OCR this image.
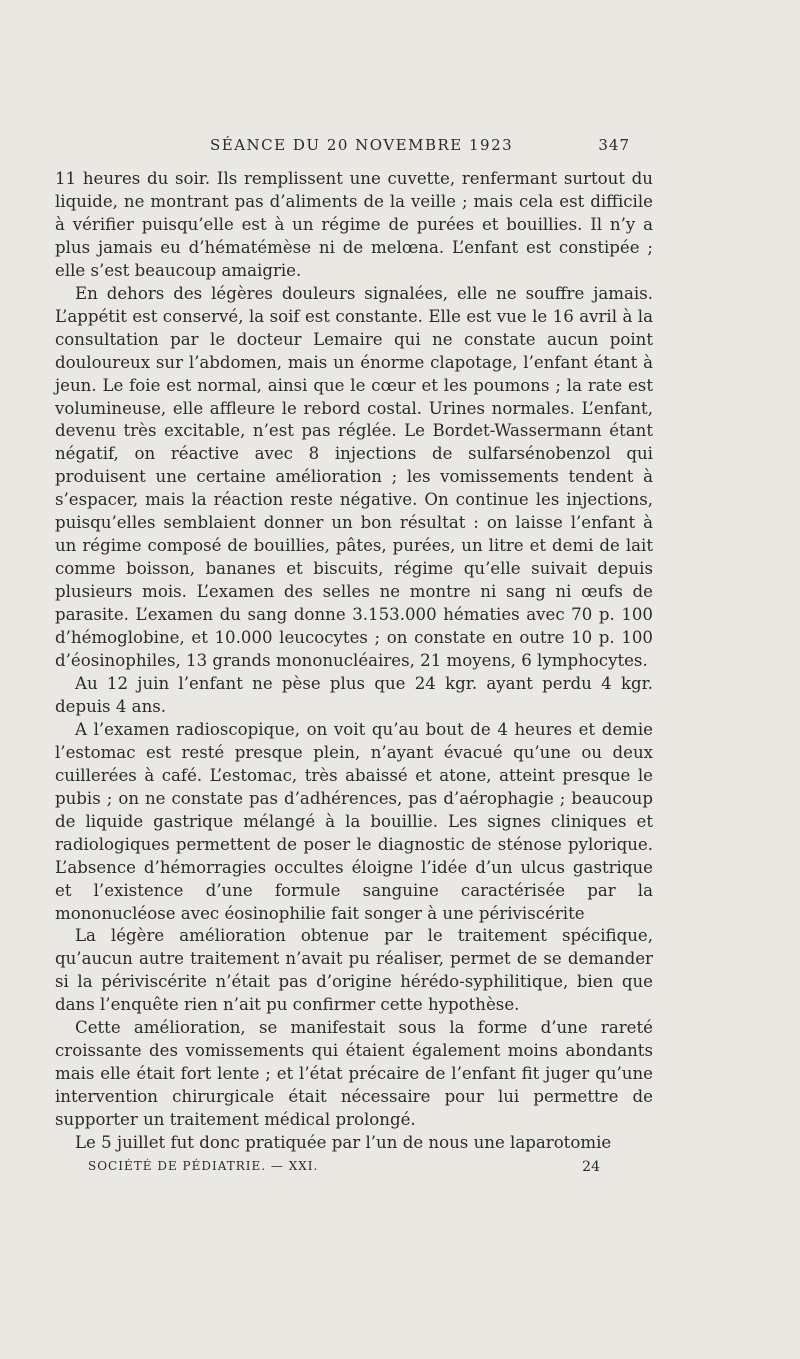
SÉANCE DU 20 NOVEMBRE 1923	347

11 heures du soir. Ils remplissent une cuvette, renfermant surtout du liquide, ne montrant pas d’aliments de la veille ; mais cela est difficile à vérifier puisqu’elle est à un régime de purées et bouillies. Il n’y a plus jamais eu d’hématémèse ni de melœna. L’enfant est constipée ; elle s’est beaucoup amaigrie.

En dehors des légères douleurs signalées, elle ne souffre jamais. L’appétit est conservé, la soif est constante. Elle est vue le 16 avril à la consultation par le docteur Lemaire qui ne constate aucun point douloureux sur l’abdomen, mais un énorme clapotage, l’enfant étant à jeun. Le foie est normal, ainsi que le cœur et les poumons ; la rate est volumineuse, elle affleure le rebord costal. Urines normales. L’enfant, devenu très excitable, n’est pas réglée. Le Bordet-Wassermann étant négatif, on réactive avec 8 injections de sulfarsénobenzol qui produisent une certaine amélioration ; les vomissements tendent à s’espacer, mais la réaction reste négative. On continue les injections, puisqu’elles semblaient donner un bon résultat : on laisse l’enfant à un régime composé de bouillies, pâtes, purées, un litre et demi de lait comme boisson, bananes et biscuits, régime qu’elle suivait depuis plusieurs mois. L’examen des selles ne montre ni sang ni œufs de parasite. L’examen du sang donne 3.153.000 hématies avec 70 p. 100 d’hémoglobine, et 10.000 leucocytes ; on constate en outre 10 p. 100 d’éosinophiles, 13 grands mononucléaires, 21 moyens, 6 lymphocytes.

Au 12 juin l’enfant ne pèse plus que 24 kgr. ayant perdu 4 kgr. depuis 4 ans.

A l’examen radioscopique, on voit qu’au bout de 4 heures et demie l’estomac est resté presque plein, n’ayant évacué qu’une ou deux cuillerées à café. L’estomac, très abaissé et atone, atteint presque le pubis ; on ne constate pas d’adhérences, pas d’aérophagie ; beaucoup de liquide gastrique mélangé à la bouillie. Les signes cliniques et radiologiques permettent de poser le diagnostic de sténose pylorique. L’absence d’hémorragies occultes éloigne l’idée d’un ulcus gastrique et l’existence d’une formule sanguine caractérisée par la mononucléose avec éosinophilie fait songer à une périviscérite

La légère amélioration obtenue par le traitement spécifique, qu’aucun autre traitement n’avait pu réaliser, permet de se demander si la périviscérite n’était pas d’origine hérédo-syphilitique, bien que dans l’enquête rien n’ait pu confirmer cette hypothèse.

Cette amélioration, se manifestait sous la forme d’une rareté croissante des vomissements qui étaient également moins abondants mais elle était fort lente ; et l’état précaire de l’enfant fit juger qu’une intervention chirurgicale était nécessaire pour lui permettre de supporter un traitement médical prolongé.

Le 5 juillet fut donc pratiquée par l’un de nous une laparotomie

SOCIÉTÉ DE PÉDIATRIE. — XXI.	24
